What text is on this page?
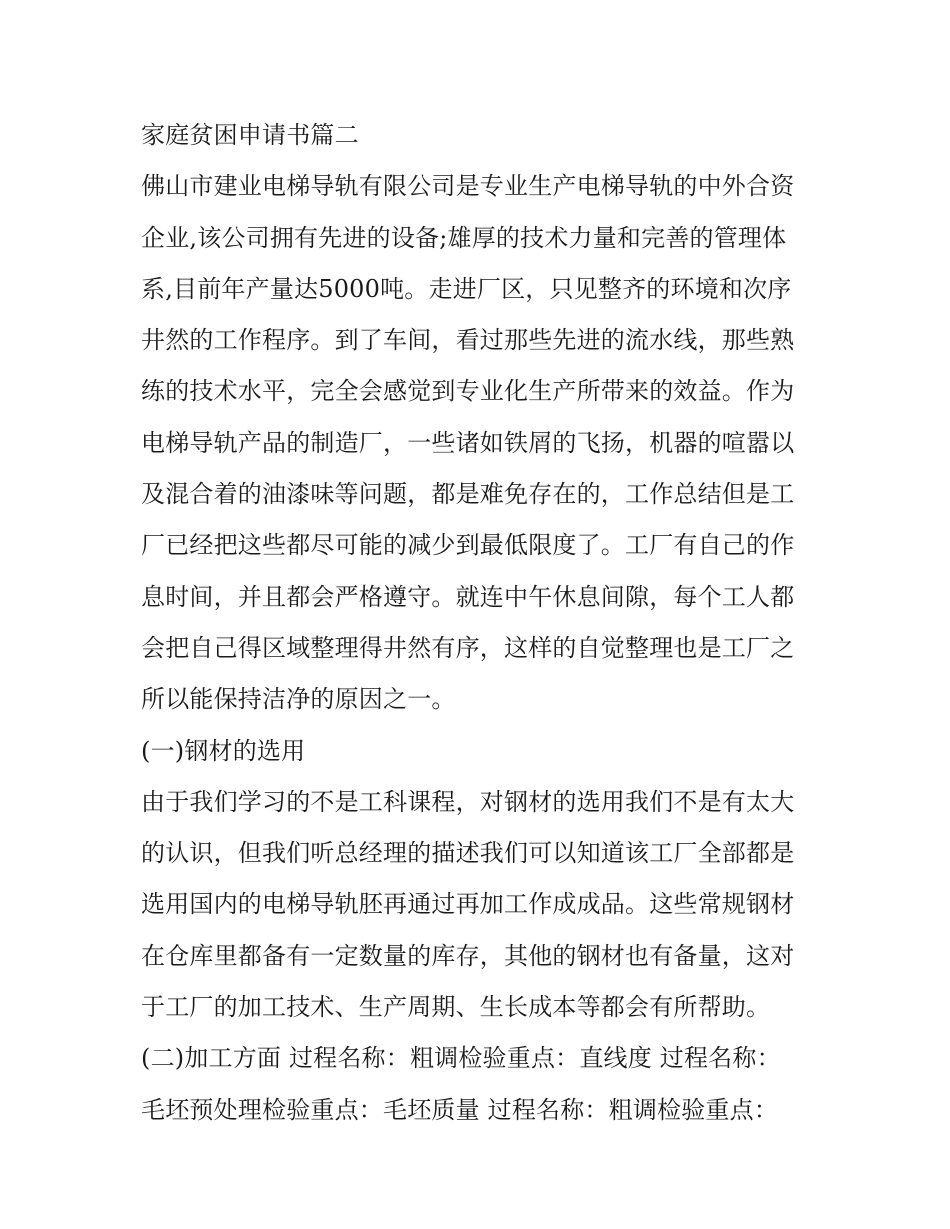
家庭贫困申请书篇二
佛山市建业电梯导轨有限公司是专业生产电梯导轨的中外合资
企业,该公司拥有先进的设备;雄厚的技术力量和完善的管理体
系,目前年产量达5000吨。走进厂区，只见整齐的环境和次序
井然的工作程序。到了车间，看过那些先进的流水线，那些熟
练的技术水平，完全会感觉到专业化生产所带来的效益。作为
电梯导轨产品的制造厂，一些诸如铁屑的飞扬，机器的喧嚣以
及混合着的油漆味等问题，都是难免存在的，工作总结但是工
厂已经把这些都尽可能的减少到最低限度了。工厂有自己的作
息时间，并且都会严格遵守。就连中午休息间隙，每个工人都
会把自己得区域整理得井然有序，这样的自觉整理也是工厂之
所以能保持洁净的原因之一。
(一)钢材的选用
由于我们学习的不是工科课程，对钢材的选用我们不是有太大
的认识，但我们听总经理的描述我们可以知道该工厂全部都是
选用国内的电梯导轨胚再通过再加工作成成品。这些常规钢材
在仓库里都备有一定数量的库存，其他的钢材也有备量，这对
于工厂的加工技术、生产周期、生长成本等都会有所帮助。
(二)加工方面 过程名称：粗调检验重点：直线度 过程名称：
毛坯预处理检验重点：毛坯质量 过程名称：粗调检验重点：
